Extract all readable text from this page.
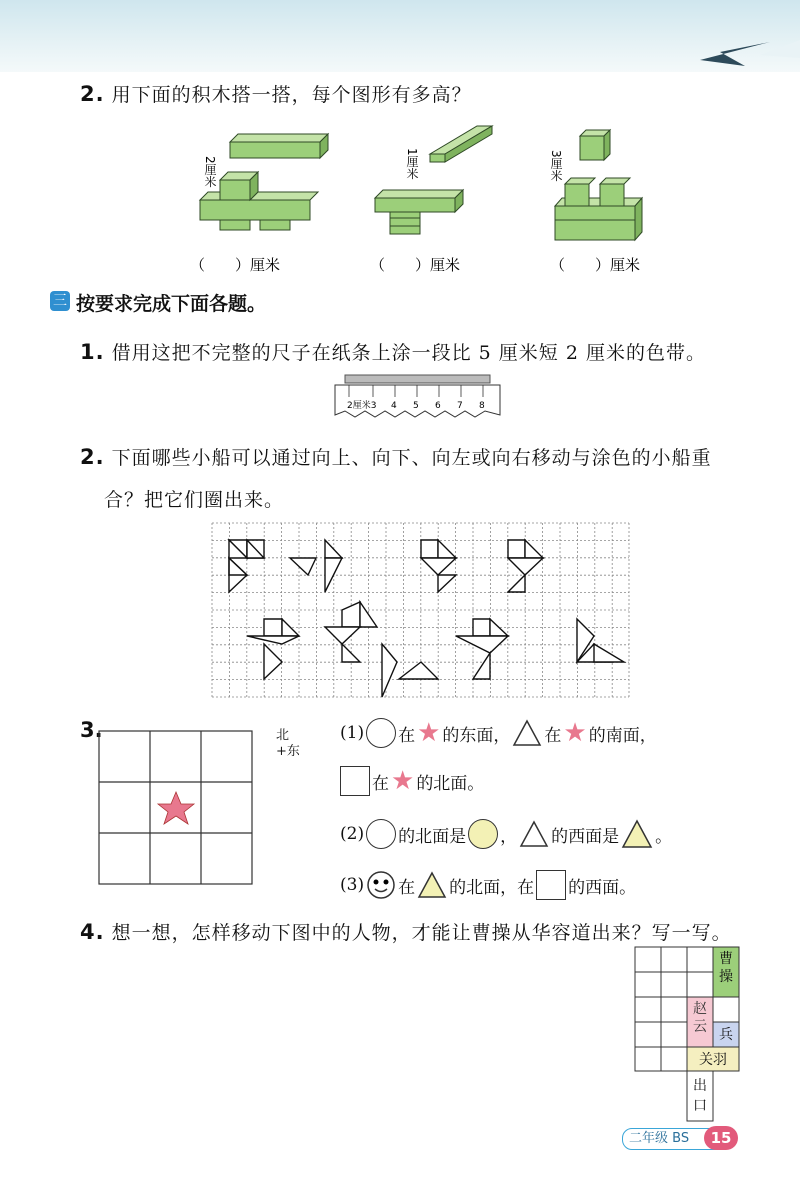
2. 用下面的积木搭一搭，每个图形有多高？
2厘米
（　　）厘米
1厘米
（　　）厘米
3厘米
（　　）厘米
三 按要求完成下面各题。
1. 借用这把不完整的尺子在纸条上涂一段比 5 厘米短 2 厘米的色带。
2厘米3 4 5 6 7 8
2. 下面哪些小船可以通过向上、向下、向左或向右移动与涂色的小船重
合？把它们圈出来。
3.	北
+东
(1) 在 ★ 的东面， 在 ★ 的南面，
在 ★ 的北面。
(2) 的北面是 ， 的西面是 。
(3) 在 的北面，在 的西面。
4. 想一想，怎样移动下图中的人物，才能让曹操从华容道出来？写一写。
曹操
赵云 兵
关羽
出口
二年级 BS	15
